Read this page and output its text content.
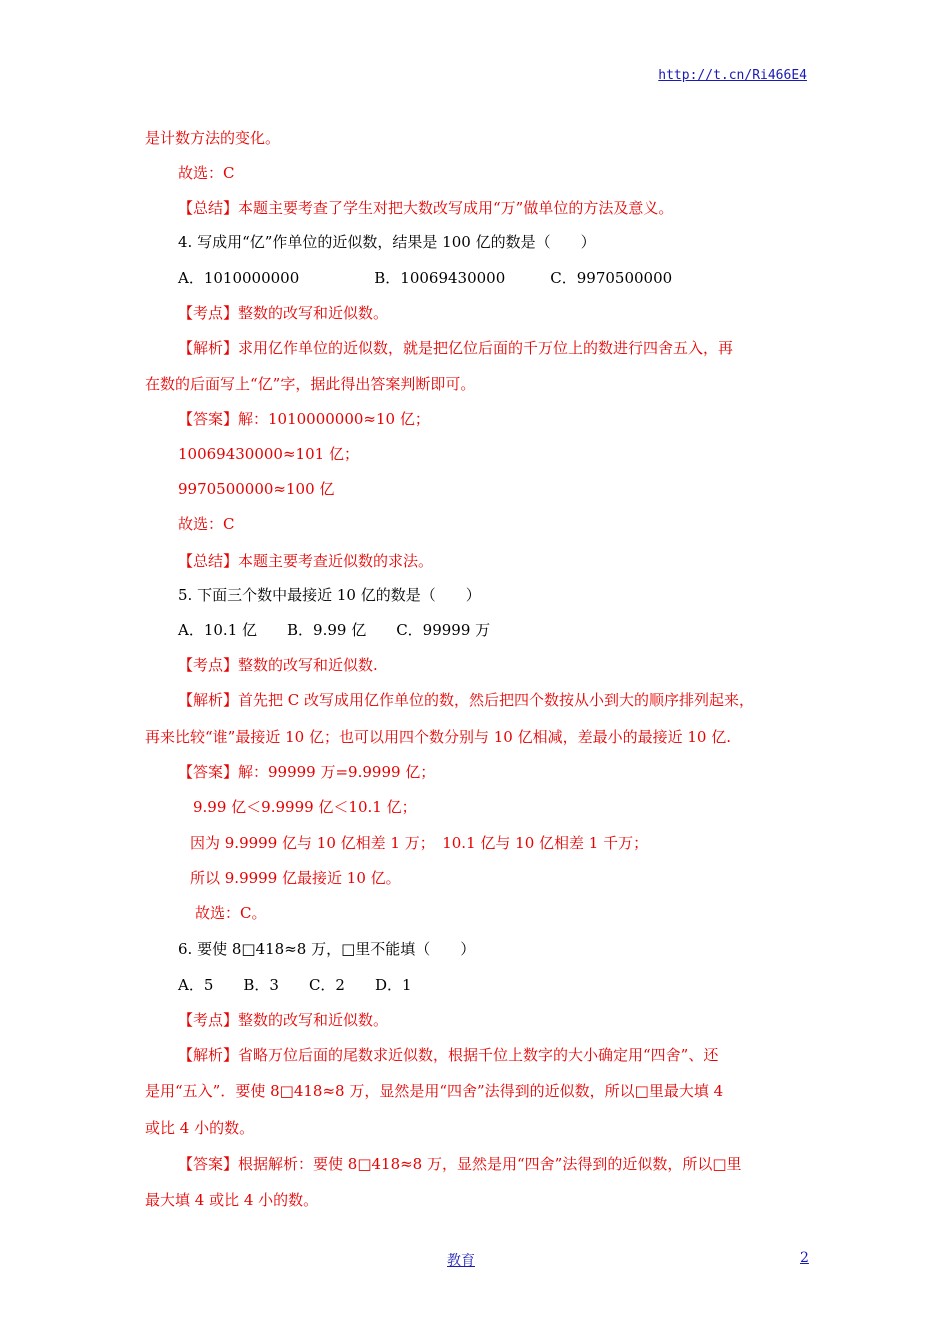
http://t.cn/Ri466E4
是计数方法的变化。
故选：C
【总结】本题主要考查了学生对把大数改写成用“万”做单位的方法及意义。
4. 写成用“亿”作单位的近似数，结果是 100 亿的数是（　　）
A．1010000000　　　　　B．10069430000　　　C．9970500000
【考点】整数的改写和近似数。
【解析】求用亿作单位的近似数，就是把亿位后面的千万位上的数进行四舍五入，再
在数的后面写上“亿”字，据此得出答案判断即可。
【答案】解：1010000000≈10 亿；
10069430000≈101 亿；
9970500000≈100 亿
故选：C
【总结】本题主要考查近似数的求法。
5. 下面三个数中最接近 10 亿的数是（　　）
A．10.1 亿　　B．9.99 亿　　C．99999 万
【考点】整数的改写和近似数.
【解析】首先把 C 改写成用亿作单位的数，然后把四个数按从小到大的顺序排列起来，
再来比较“谁”最接近 10 亿；也可以用四个数分别与 10 亿相减，差最小的最接近 10 亿.
【答案】解：99999 万=9.9999 亿；
9.99 亿＜9.9999 亿＜10.1 亿；
因为 9.9999 亿与 10 亿相差 1 万；　10.1 亿与 10 亿相差 1 千万；
所以 9.9999 亿最接近 10 亿。
故选：C。
6. 要使 8□418≈8 万，□里不能填（　　）
A．5　　B．3　　C．2　　D．1
【考点】整数的改写和近似数。
【解析】省略万位后面的尾数求近似数，根据千位上数字的大小确定用“四舍”、还
是用“五入”．要使 8□418≈8 万，显然是用“四舍”法得到的近似数，所以□里最大填 4
或比 4 小的数。
【答案】根据解析：要使 8□418≈8 万，显然是用“四舍”法得到的近似数，所以□里
最大填 4 或比 4 小的数。
教育	2
